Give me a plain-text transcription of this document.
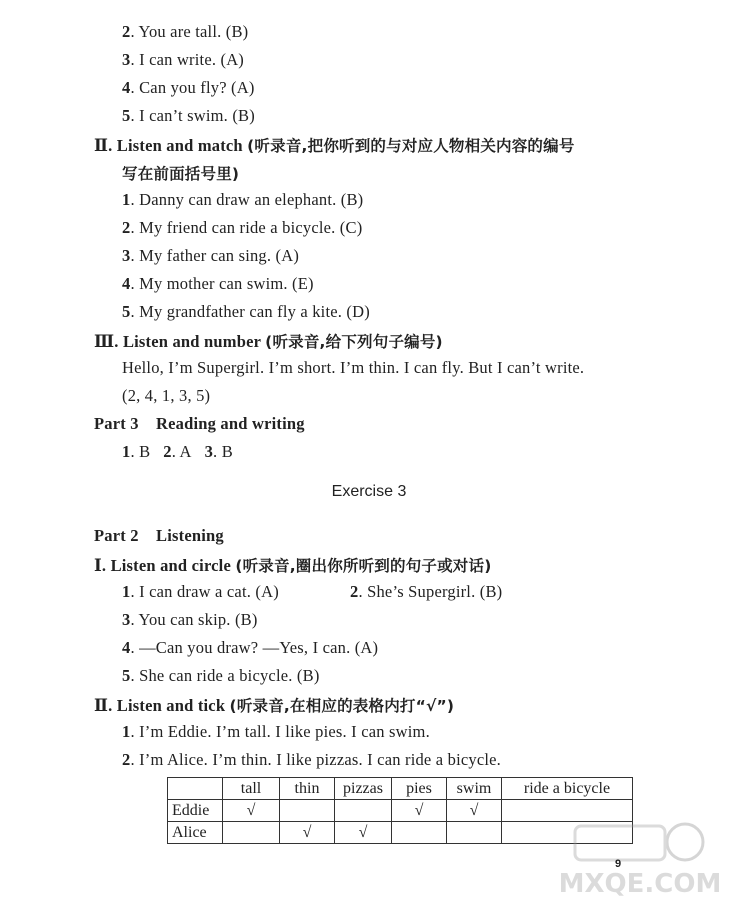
2. You are tall. (B)
3. I can write. (A)
4. Can you fly? (A)
5. I can’t swim. (B)
Ⅱ. Listen and match (听录音,把你听到的与对应人物相关内容的编号
写在前面括号里)
1. Danny can draw an elephant. (B)
2. My friend can ride a bicycle. (C)
3. My father can sing. (A)
4. My mother can swim. (E)
5. My grandfather can fly a kite. (D)
Ⅲ. Listen and number (听录音,给下列句子编号)
Hello, I’m Supergirl. I’m short. I’m thin. I can fly. But I can’t write.
(2, 4, 1, 3, 5)
Part 3    Reading and writing
1. B 2. A 3. B
Exercise 3
Part 2    Listening
Ⅰ. Listen and circle (听录音,圈出你所听到的句子或对话)
1. I can draw a cat. (A)	2. She’s Supergirl. (B)
3. You can skip. (B)
4. —Can you draw? —Yes, I can. (A)
5. She can ride a bicycle. (B)
Ⅱ. Listen and tick (听录音,在相应的表格内打“√”)
1. I’m Eddie. I’m tall. I like pies. I can swim.
2. I’m Alice. I’m thin. I like pizzas. I can ride a bicycle.
	tall	thin	pizzas	pies	swim	ride a bicycle
Eddie	√			√	√	
Alice		√	√			
MXQE.COM
9
